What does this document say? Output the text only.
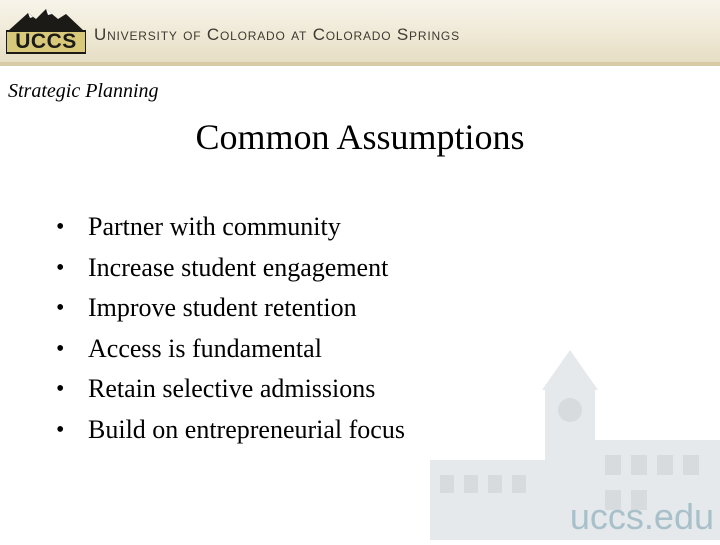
UCCS	University of Colorado at Colorado Springs
Strategic Planning
Common Assumptions
• Partner with community
• Increase student engagement
• Improve student retention
• Access is fundamental
• Retain selective admissions
• Build on entrepreneurial focus
uccs.edu
